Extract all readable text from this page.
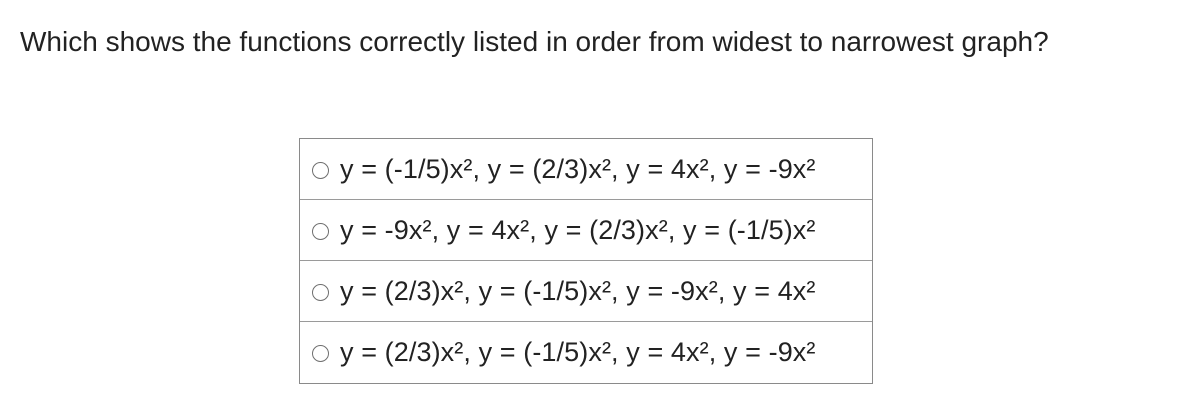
Which shows the functions correctly listed in order from widest to narrowest graph?
y = (-1/5)x², y = (2/3)x², y = 4x², y = -9x²
y = -9x², y = 4x², y = (2/3)x², y = (-1/5)x²
y = (2/3)x², y = (-1/5)x², y = -9x², y = 4x²
y = (2/3)x², y = (-1/5)x², y = 4x², y = -9x²
